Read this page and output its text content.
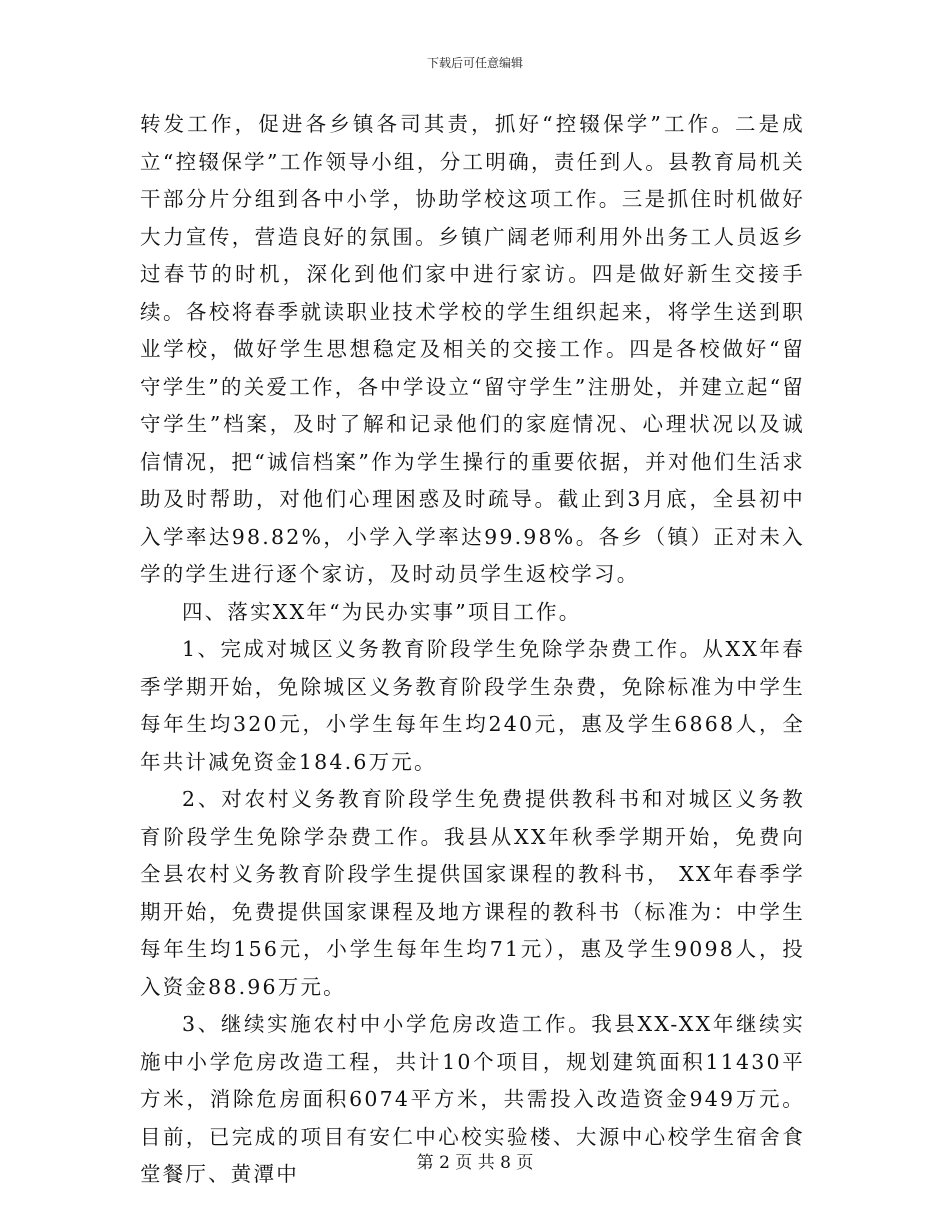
下载后可任意编辑

转发工作，促进各乡镇各司其责，抓好“控辍保学”工作。二是成立“控辍保学”工作领导小组，分工明确，责任到人。县教育局机关干部分片分组到各中小学，协助学校这项工作。三是抓住时机做好大力宣传，营造良好的氛围。乡镇广阔老师利用外出务工人员返乡过春节的时机，深化到他们家中进行家访。四是做好新生交接手续。各校将春季就读职业技术学校的学生组织起来，将学生送到职业学校，做好学生思想稳定及相关的交接工作。四是各校做好“留守学生”的关爱工作，各中学设立“留守学生”注册处，并建立起“留守学生”档案，及时了解和记录他们的家庭情况、心理状况以及诚信情况，把“诚信档案”作为学生操行的重要依据，并对他们生活求助及时帮助，对他们心理困惑及时疏导。截止到3月底，全县初中入学率达98.82%，小学入学率达99.98%。各乡（镇）正对未入学的学生进行逐个家访，及时动员学生返校学习。

四、落实XX年“为民办实事”项目工作。

1、完成对城区义务教育阶段学生免除学杂费工作。从XX年春季学期开始，免除城区义务教育阶段学生杂费，免除标准为中学生每年生均320元，小学生每年生均240元，惠及学生6868人，全年共计减免资金184.6万元。

2、对农村义务教育阶段学生免费提供教科书和对城区义务教育阶段学生免除学杂费工作。我县从XX年秋季学期开始，免费向全县农村义务教育阶段学生提供国家课程的教科书， XX年春季学期开始，免费提供国家课程及地方课程的教科书（标准为：中学生每年生均156元，小学生每年生均71元），惠及学生9098人，投入资金88.96万元。

3、继续实施农村中小学危房改造工作。我县XX-XX年继续实施中小学危房改造工程，共计10个项目，规划建筑面积11430平方米，消除危房面积6074平方米，共需投入改造资金949万元。目前，已完成的项目有安仁中心校实验楼、大源中心校学生宿舍食堂餐厅、黄潭中	第 2 页 共 8 页
